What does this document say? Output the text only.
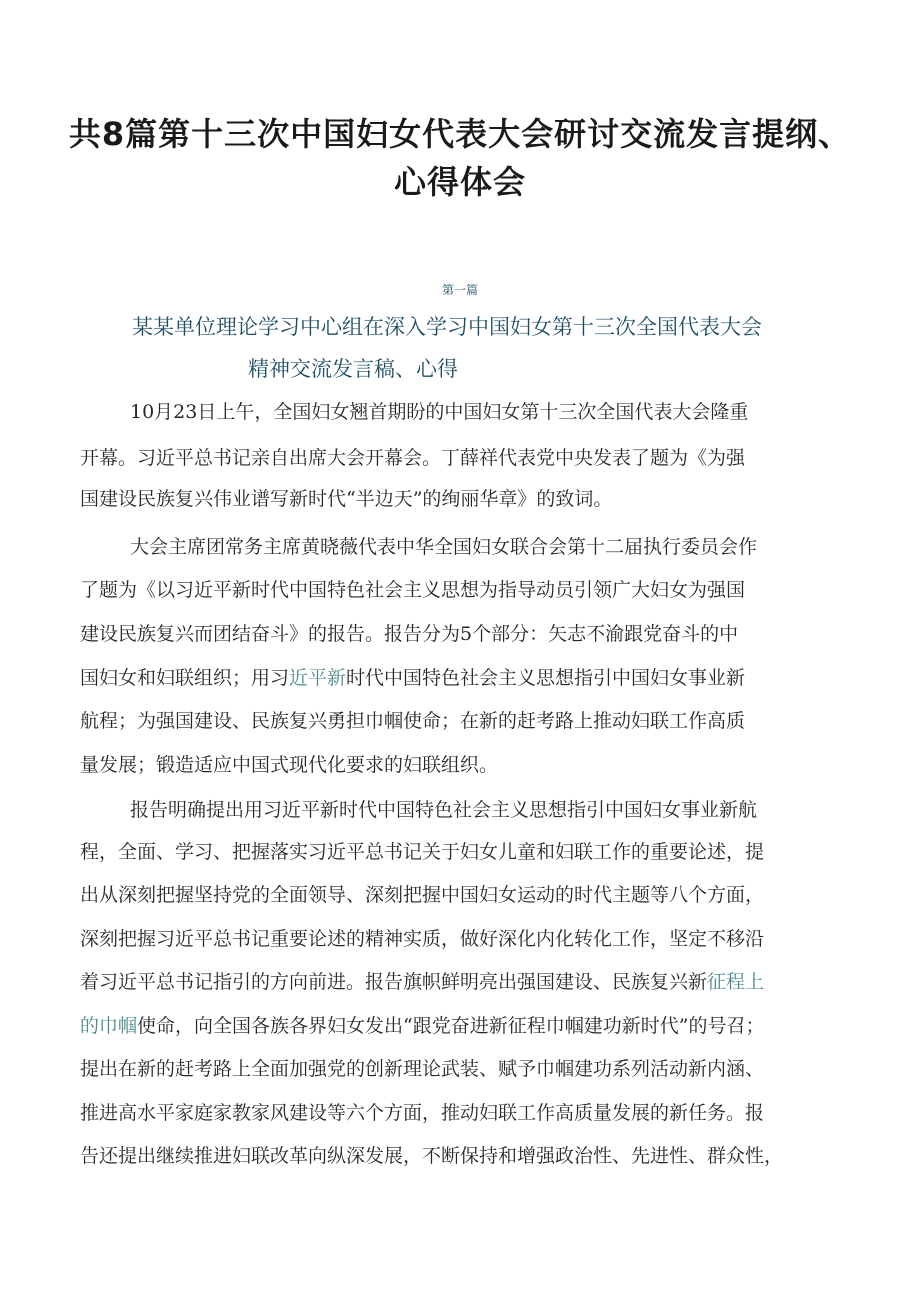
共8篇第十三次中国妇女代表大会研讨交流发言提纲、
心得体会
第一篇
某某单位理论学习中心组在深入学习中国妇女第十三次全国代表大会
精神交流发言稿、心得
10月23日上午，全国妇女翘首期盼的中国妇女第十三次全国代表大会隆重
开幕。习近平总书记亲自出席大会开幕会。丁薛祥代表党中央发表了题为《为强
国建设民族复兴伟业谱写新时代“半边天”的绚丽华章》的致词。
大会主席团常务主席黄晓薇代表中华全国妇女联合会第十二届执行委员会作
了题为《以习近平新时代中国特色社会主义思想为指导动员引领广大妇女为强国
建设民族复兴而团结奋斗》的报告。报告分为5个部分：矢志不渝跟党奋斗的中
国妇女和妇联组织；用习近平新时代中国特色社会主义思想指引中国妇女事业新
航程；为强国建设、民族复兴勇担巾帼使命；在新的赶考路上推动妇联工作高质
量发展；锻造适应中国式现代化要求的妇联组织。
报告明确提出用习近平新时代中国特色社会主义思想指引中国妇女事业新航
程，全面、学习、把握落实习近平总书记关于妇女儿童和妇联工作的重要论述，提
出从深刻把握坚持党的全面领导、深刻把握中国妇女运动的时代主题等八个方面，
深刻把握习近平总书记重要论述的精神实质，做好深化内化转化工作，坚定不移沿
着习近平总书记指引的方向前进。报告旗帜鲜明亮出强国建设、民族复兴新征程上
的巾帼使命，向全国各族各界妇女发出“跟党奋进新征程巾帼建功新时代”的号召；
提出在新的赶考路上全面加强党的创新理论武装、赋予巾帼建功系列活动新内涵、
推进高水平家庭家教家风建设等六个方面，推动妇联工作高质量发展的新任务。报
告还提出继续推进妇联改革向纵深发展，不断保持和增强政治性、先进性、群众性，
